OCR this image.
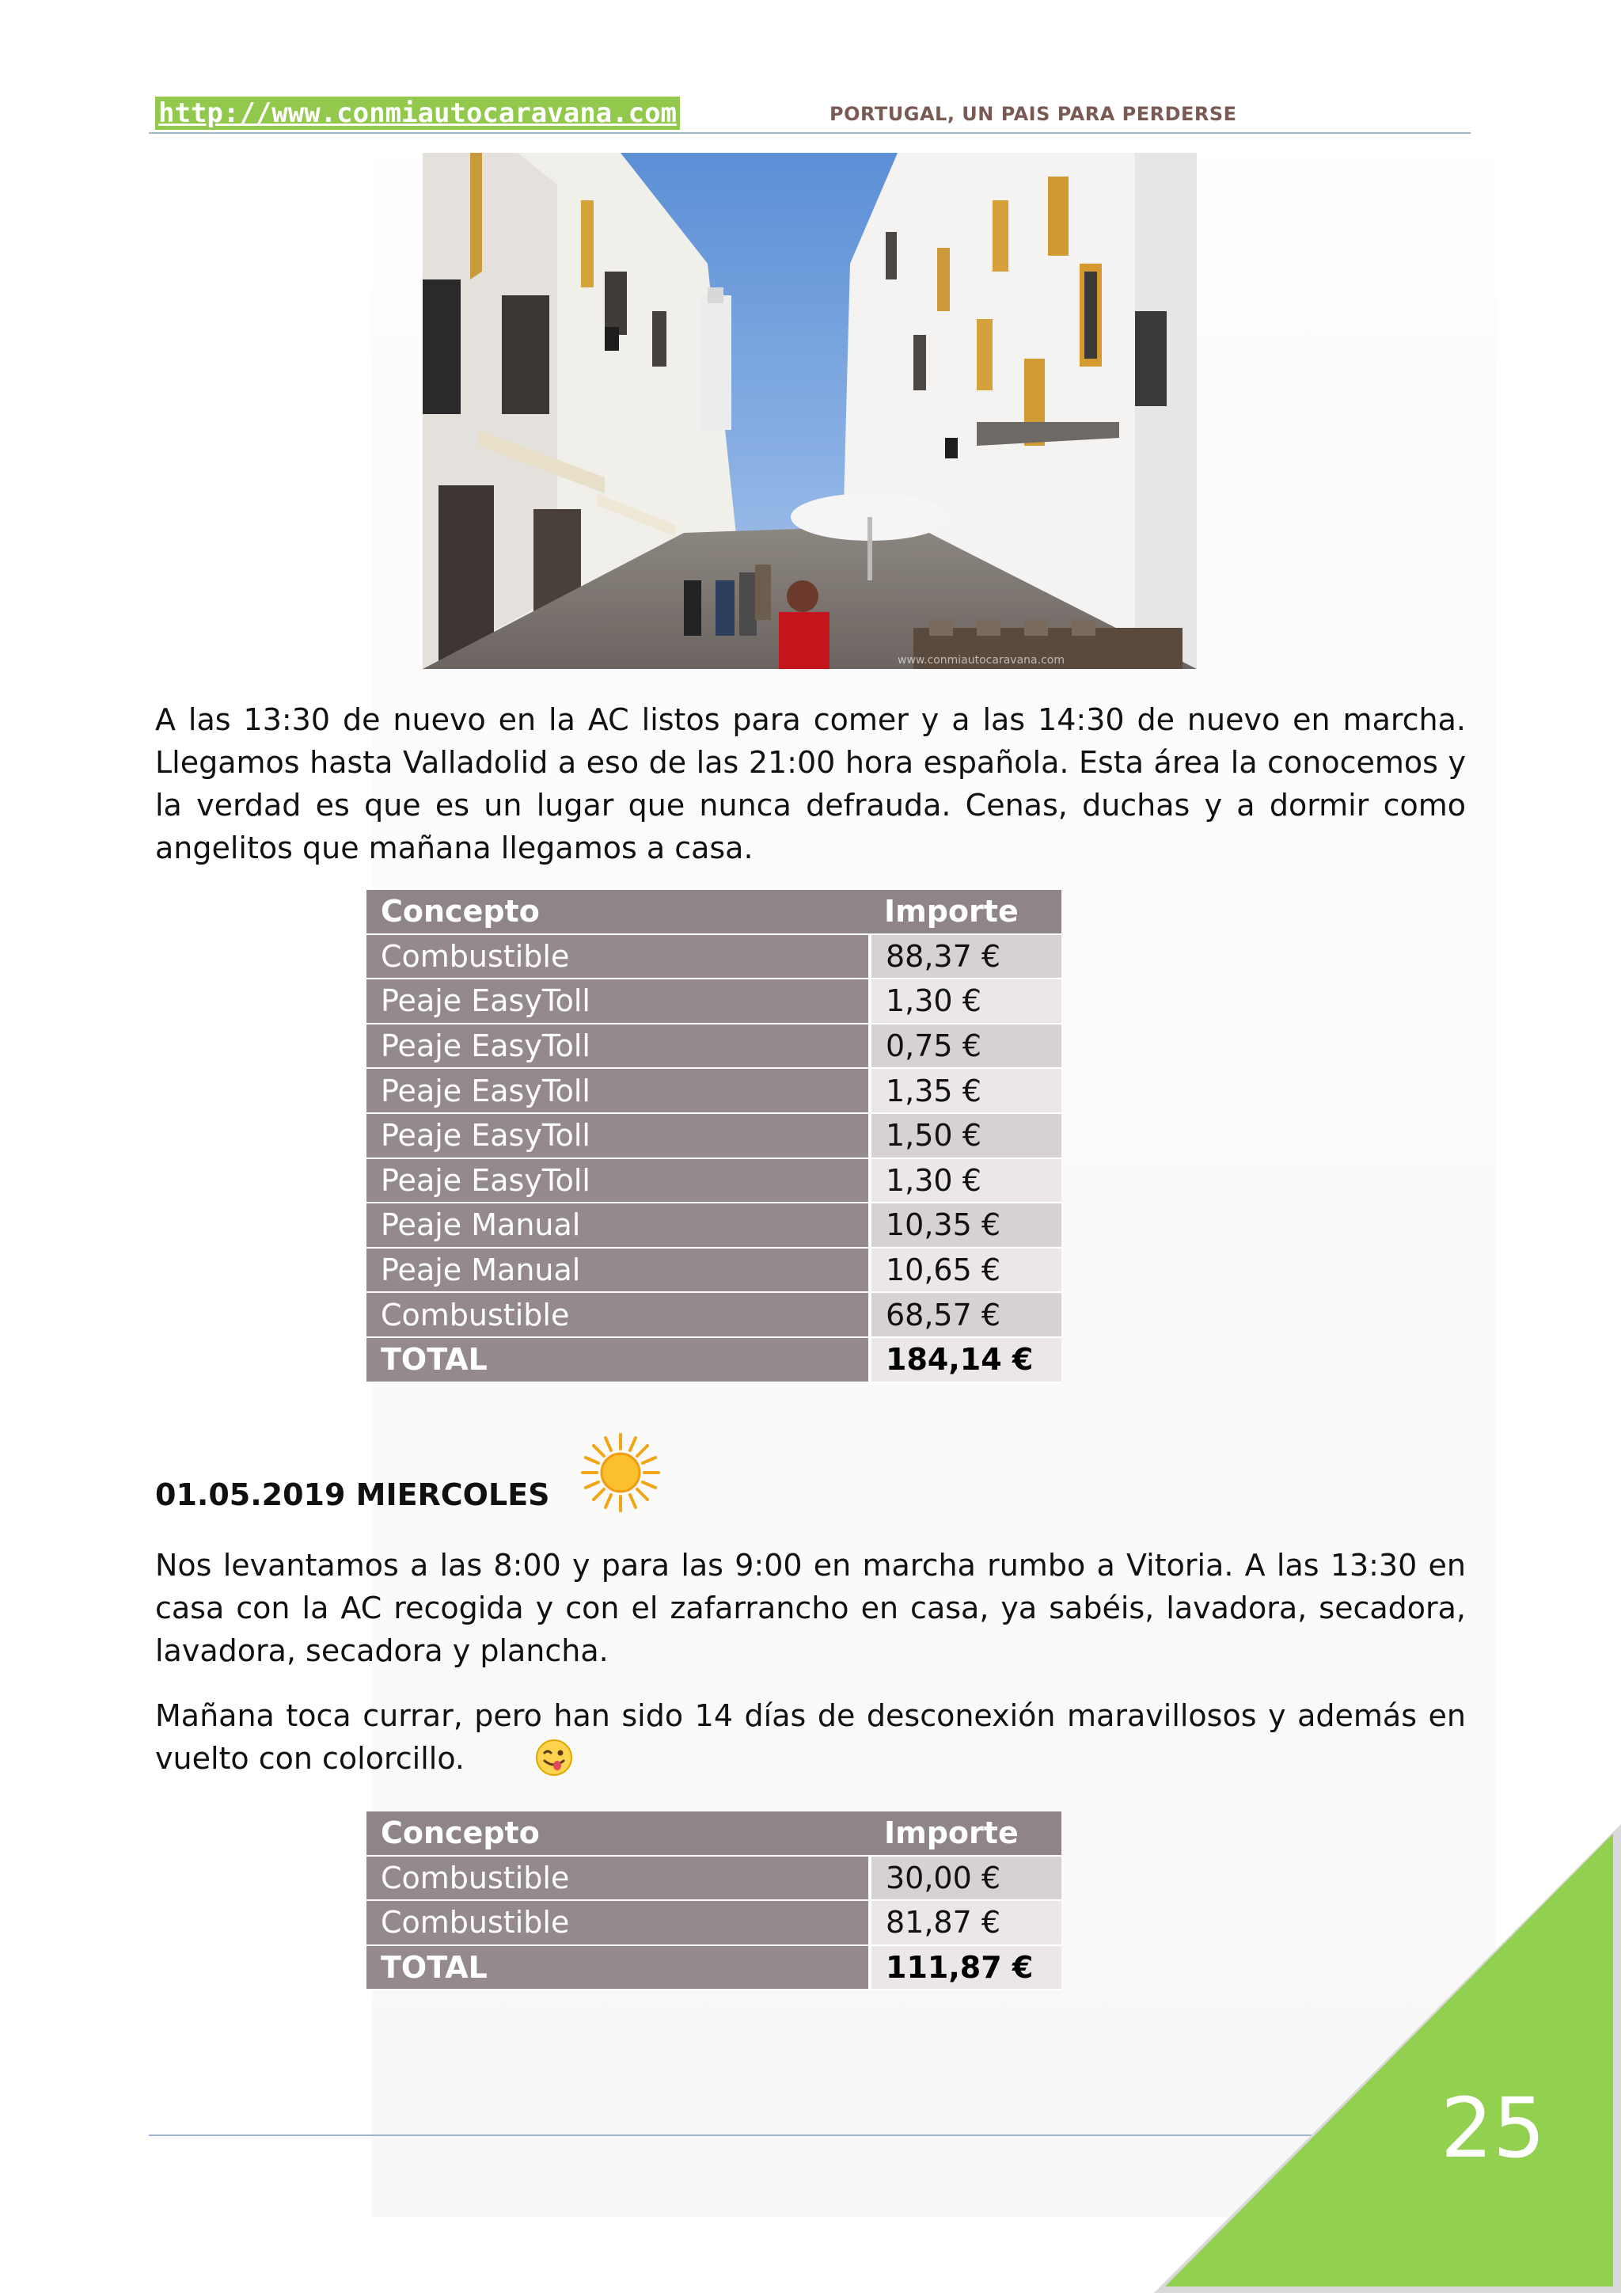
http://www.conmiautocaravana.com	PORTUGAL, UN PAIS PARA PERDERSE
www.conmiautocaravana.com

A las 13:30 de nuevo en la AC listos para comer y a las 14:30 de nuevo en marcha. Llegamos hasta Valladolid a eso de las 21:00 hora española. Esta área la conocemos y la verdad es que es un lugar que nunca defrauda. Cenas, duchas y a dormir como angelitos que mañana llegamos a casa.

Concepto	Importe
Combustible	88,37 €
Peaje EasyToll	1,30 €
Peaje EasyToll	0,75 €
Peaje EasyToll	1,35 €
Peaje EasyToll	1,50 €
Peaje EasyToll	1,30 €
Peaje Manual	10,35 €
Peaje Manual	10,65 €
Combustible	68,57 €
TOTAL	184,14 €
01.05.2019 MIERCOLES

Nos levantamos a las 8:00 y para las 9:00 en marcha rumbo a Vitoria. A las 13:30 en casa con la AC recogida y con el zafarrancho en casa, ya sabéis, lavadora, secadora, lavadora, secadora y plancha.

Mañana toca currar, pero han sido 14 días de desconexión maravillosos y además en vuelto con colorcillo.

Concepto	Importe
Combustible	30,00 €
Combustible	81,87 €
TOTAL	111,87 €
25
